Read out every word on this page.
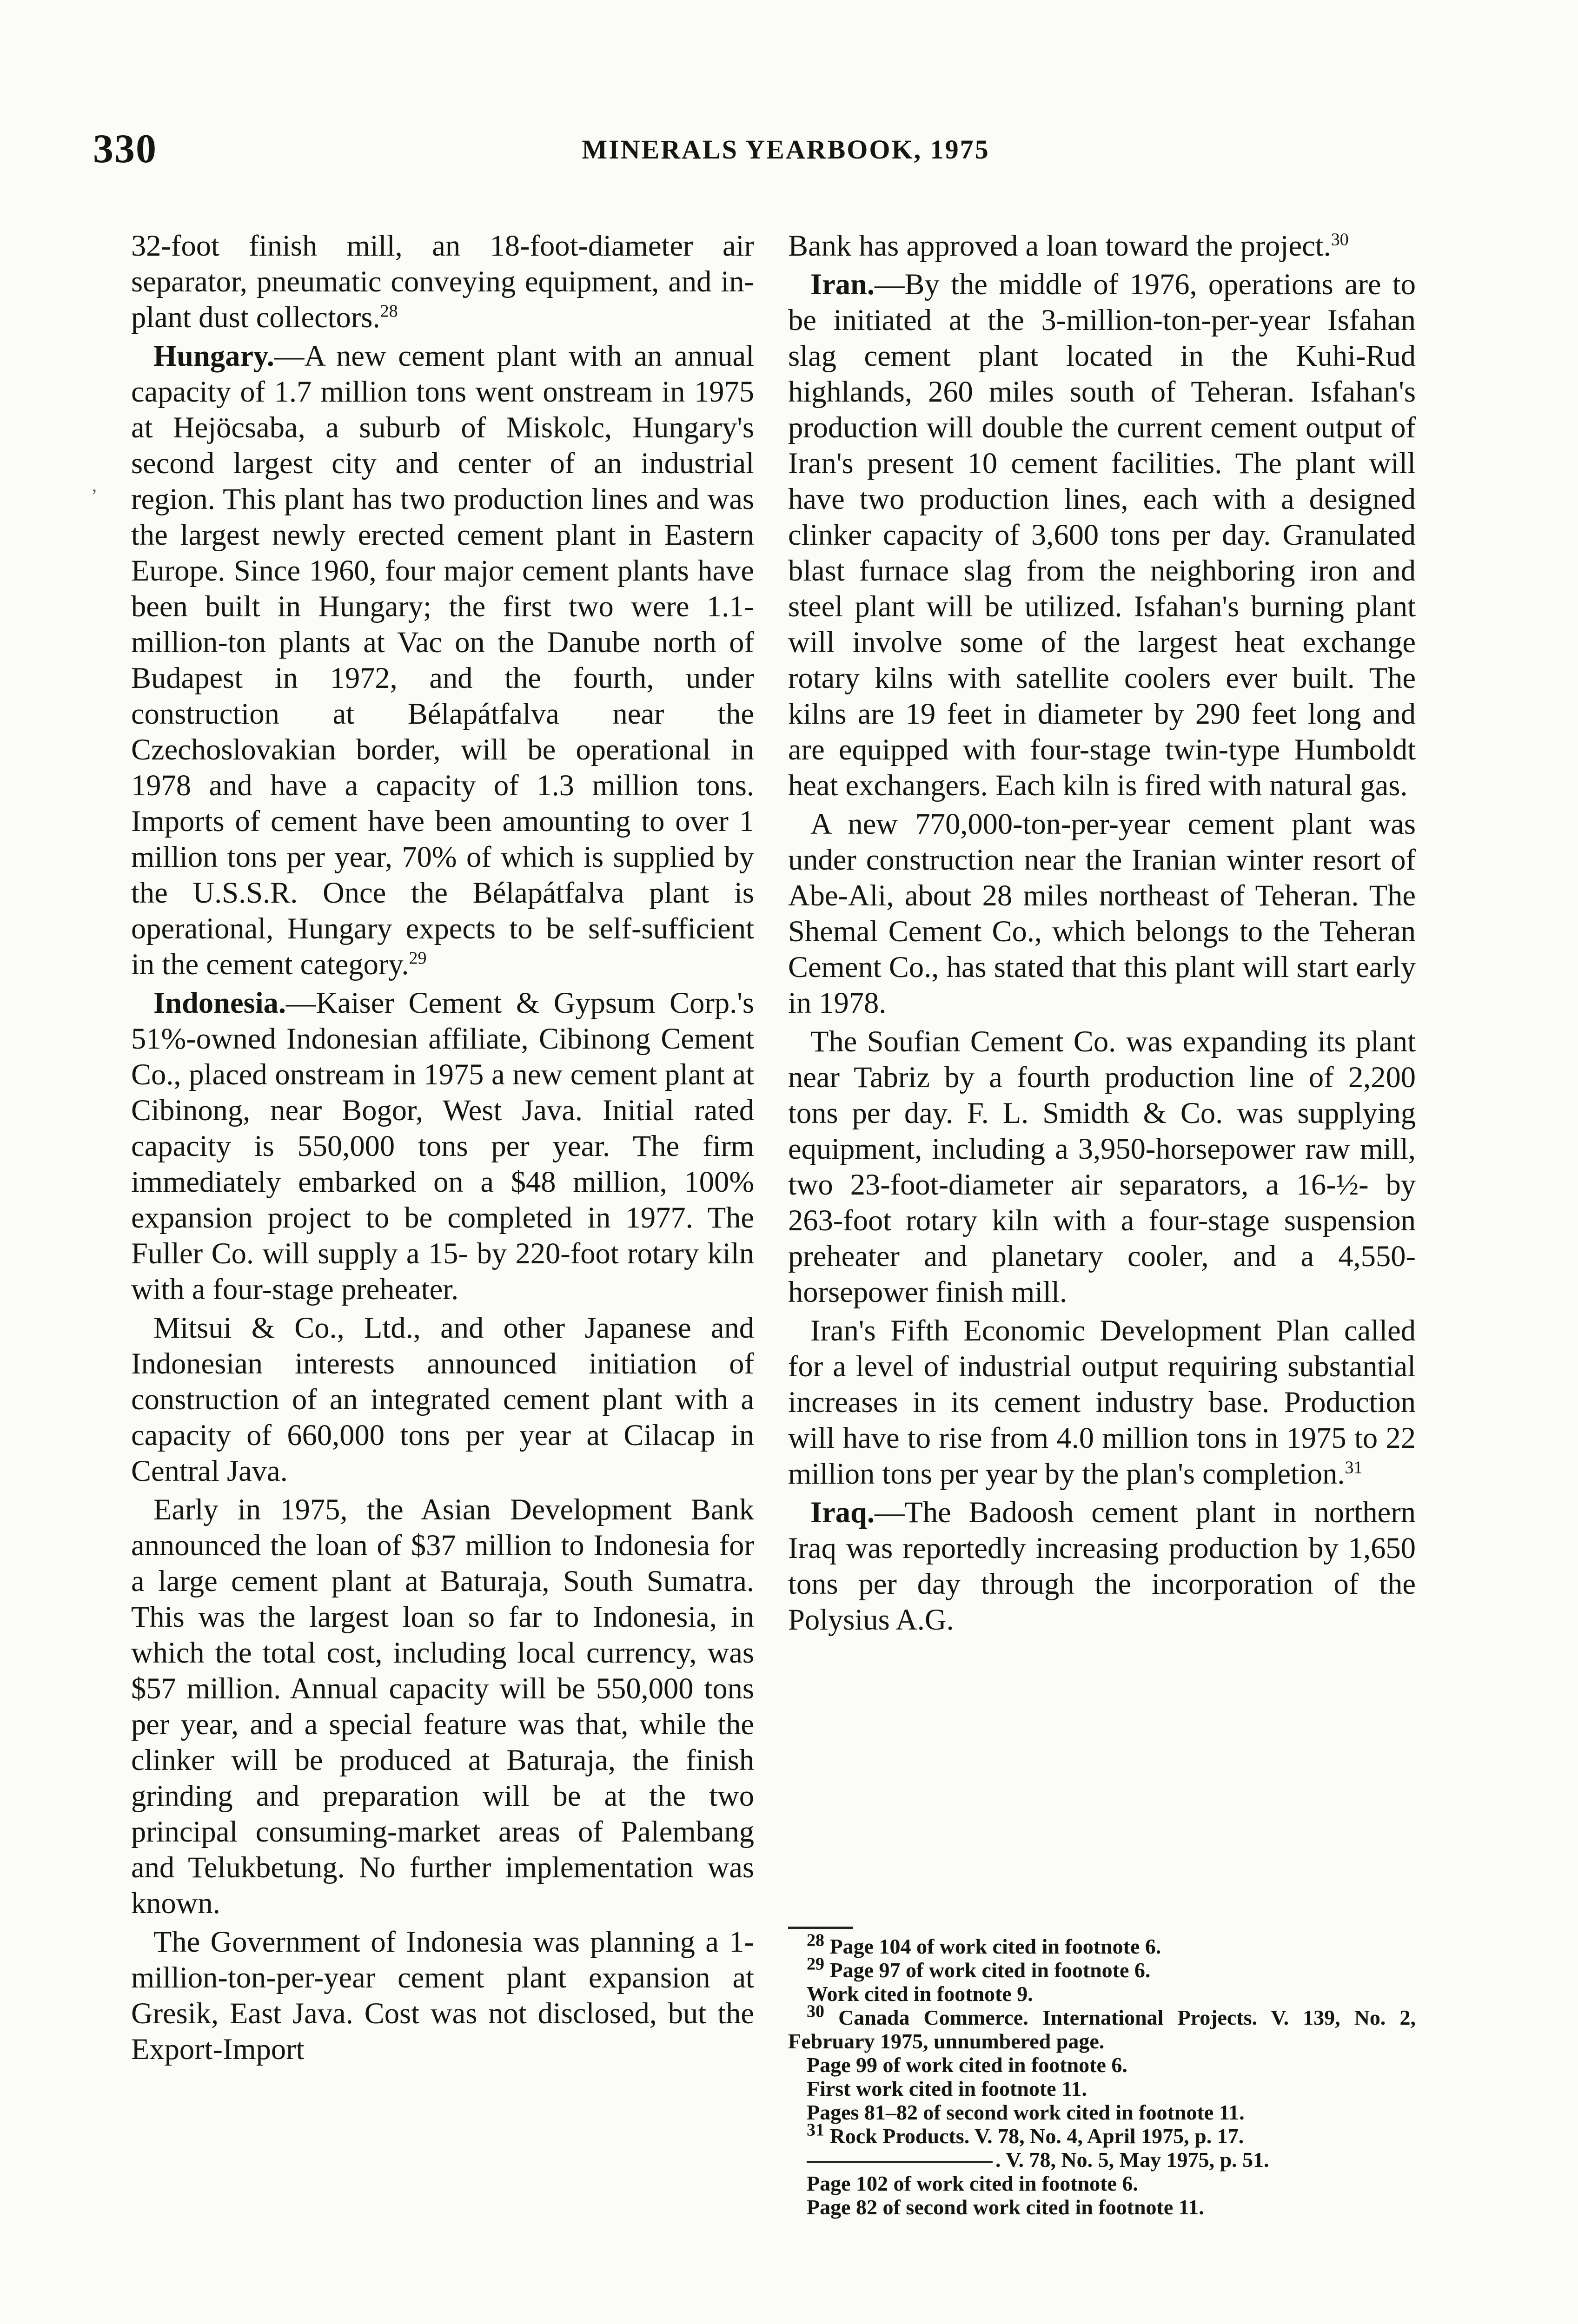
330	MINERALS YEARBOOK, 1975
,

32-foot finish mill, an 18-foot-diameter air separator, pneumatic conveying equipment, and in-plant dust collectors.$^{28}$

Hungary.—A new cement plant with an annual capacity of 1.7 million tons went onstream in 1975 at Hejöcsaba, a suburb of Miskolc, Hungary's second largest city and center of an industrial region. This plant has two production lines and was the largest newly erected cement plant in Eastern Europe. Since 1960, four major cement plants have been built in Hungary; the first two were 1.1-million-ton plants at Vac on the Danube north of Budapest in 1972, and the fourth, under construction at Bélapátfalva near the Czechoslovakian border, will be operational in 1978 and have a capacity of 1.3 million tons. Imports of cement have been amounting to over 1 million tons per year, 70% of which is supplied by the U.S.S.R. Once the Bélapátfalva plant is operational, Hungary expects to be self-sufficient in the cement category.$^{29}$

Indonesia.—Kaiser Cement & Gypsum Corp.'s 51%-owned Indonesian affiliate, Cibinong Cement Co., placed onstream in 1975 a new cement plant at Cibinong, near Bogor, West Java. Initial rated capacity is 550,000 tons per year. The firm immediately embarked on a $48 million, 100% expansion project to be completed in 1977. The Fuller Co. will supply a 15- by 220-foot rotary kiln with a four-stage preheater.

Mitsui & Co., Ltd., and other Japanese and Indonesian interests announced initiation of construction of an integrated cement plant with a capacity of 660,000 tons per year at Cilacap in Central Java.

Early in 1975, the Asian Development Bank announced the loan of $37 million to Indonesia for a large cement plant at Baturaja, South Sumatra. This was the largest loan so far to Indonesia, in which the total cost, including local currency, was $57 million. Annual capacity will be 550,000 tons per year, and a special feature was that, while the clinker will be produced at Baturaja, the finish grinding and preparation will be at the two principal consuming-market areas of Palembang and Telukbetung. No further implementation was known.

The Government of Indonesia was planning a 1-million-ton-per-year cement plant expansion at Gresik, East Java. Cost was not disclosed, but the Export-Import

Bank has approved a loan toward the project.$^{30}$

Iran.—By the middle of 1976, operations are to be initiated at the 3-million-ton-per-year Isfahan slag cement plant located in the Kuhi-Rud highlands, 260 miles south of Teheran. Isfahan's production will double the current cement output of Iran's present 10 cement facilities. The plant will have two production lines, each with a designed clinker capacity of 3,600 tons per day. Granulated blast furnace slag from the neighboring iron and steel plant will be utilized. Isfahan's burning plant will involve some of the largest heat exchange rotary kilns with satellite coolers ever built. The kilns are 19 feet in diameter by 290 feet long and are equipped with four-stage twin-type Humboldt heat exchangers. Each kiln is fired with natural gas.

A new 770,000-ton-per-year cement plant was under construction near the Iranian winter resort of Abe-Ali, about 28 miles northeast of Teheran. The Shemal Cement Co., which belongs to the Teheran Cement Co., has stated that this plant will start early in 1978.

The Soufian Cement Co. was expanding its plant near Tabriz by a fourth production line of 2,200 tons per day. F. L. Smidth & Co. was supplying equipment, including a 3,950-horsepower raw mill, two 23-foot-diameter air separators, a 16-½- by 263-foot rotary kiln with a four-stage suspension preheater and planetary cooler, and a 4,550-horsepower finish mill.

Iran's Fifth Economic Development Plan called for a level of industrial output requiring substantial increases in its cement industry base. Production will have to rise from 4.0 million tons in 1975 to 22 million tons per year by the plan's completion.$^{31}$

Iraq.—The Badoosh cement plant in northern Iraq was reportedly increasing production by 1,650 tons per day through the incorporation of the Polysius A.G.

$^{28}$ Page 104 of work cited in footnote 6.

$^{29}$ Page 97 of work cited in footnote 6.

Work cited in footnote 9.

$^{30}$ Canada Commerce. International Projects. V. 139, No. 2, February 1975, unnumbered page.

Page 99 of work cited in footnote 6.

First work cited in footnote 11.

Pages 81–82 of second work cited in footnote 11.

$^{31}$ Rock Products. V. 78, No. 4, April 1975, p. 17.

. V. 78, No. 5, May 1975, p. 51.

Page 102 of work cited in footnote 6.

Page 82 of second work cited in footnote 11.
